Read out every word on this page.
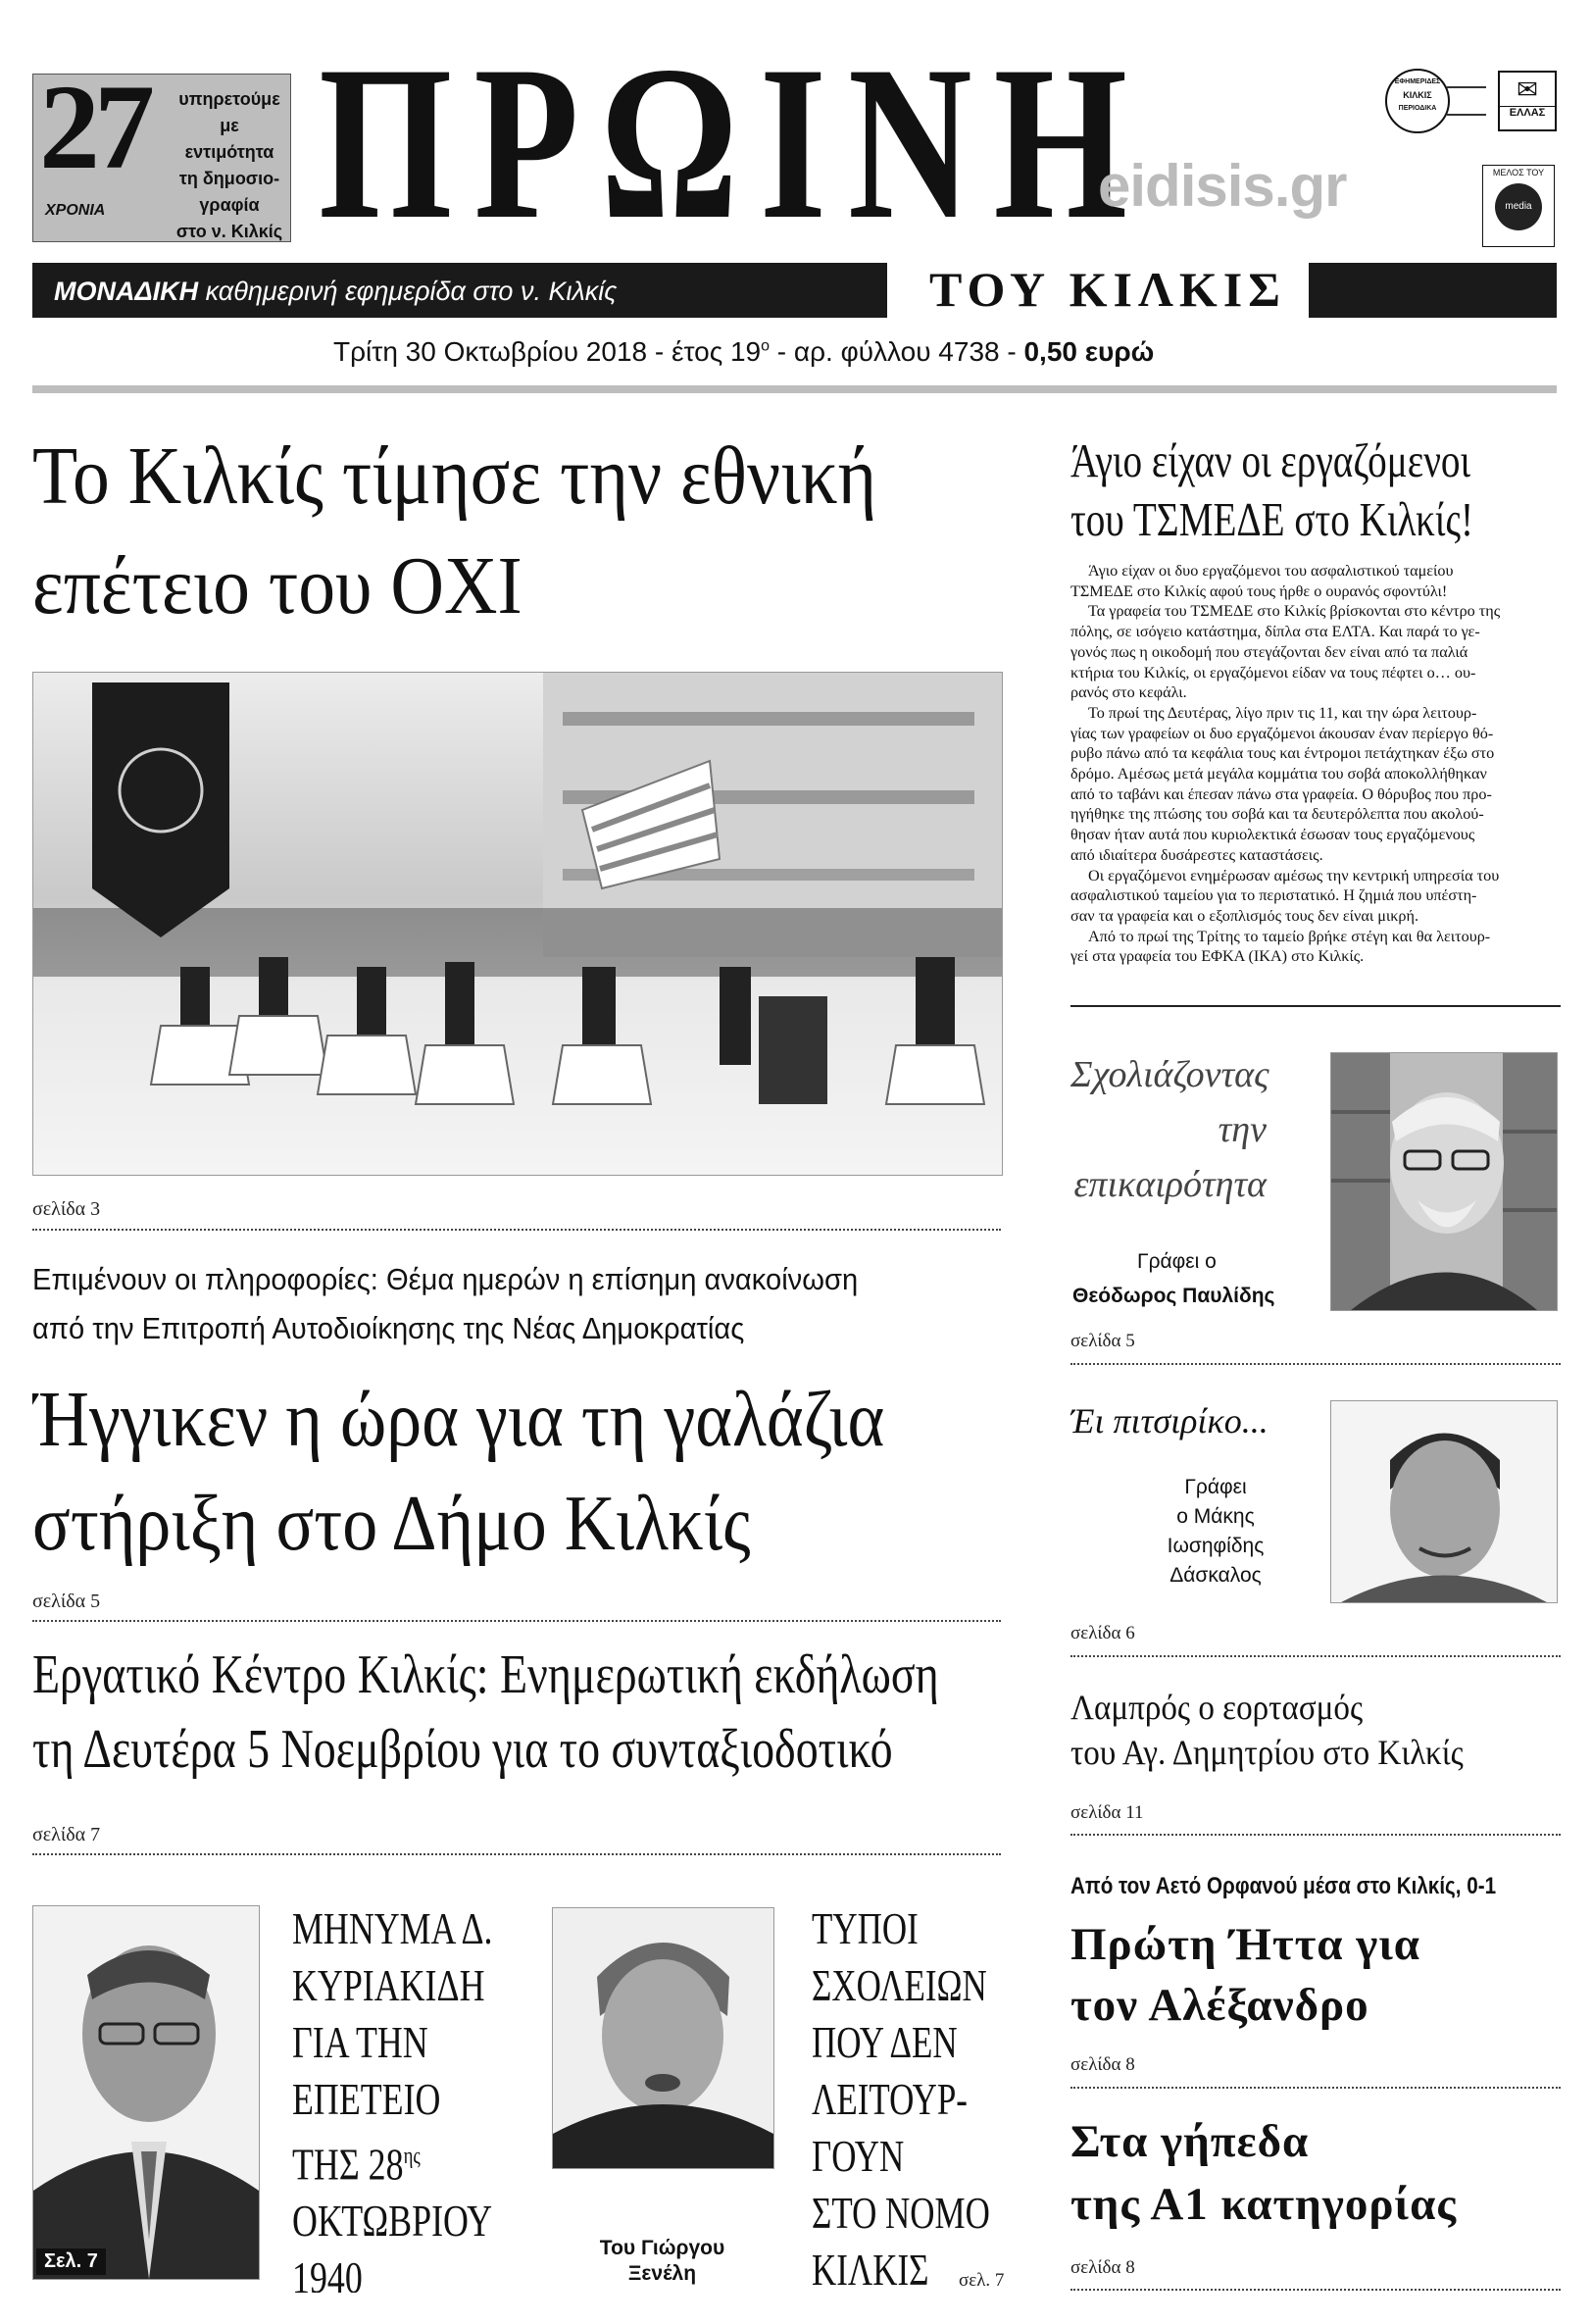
27
ΧΡΟΝΙΑ
υπηρετούμε
με εντιμότητα
τη δημοσιο-
γραφία
στο ν. Κιλκίς ΠΡΩΙΝΗ
eidisis.gr
ΕΦΗΜΕΡΙΔΕΣ
ΚΙΛΚΙΣ
ΠΕΡΙΟΔΙΚΑ
✉
ΕΛΛΑΣ
ΜΕΛΟΣ ΤΟΥ
media
ΜΟΝΑΔΙΚΗ καθημερινή εφημερίδα στο ν. Κιλκίς	ΤΟΥ ΚΙΛΚΙΣ
Τρίτη 30 Οκτωβρίου 2018 - έτος $19^o$ - αρ. φύλλου 4738 - 0,50 ευρώ
Το Κιλκίς τίμησε την εθνική
επέτειο του ΟΧΙ
σελίδα 3
Επιμένουν οι πληροφορίες: Θέμα ημερών η επίσημη ανακοίνωση
από την Επιτροπή Αυτοδιοίκησης της Νέας Δημοκρατίας
Ήγγικεν η ώρα για τη γαλάζια
στήριξη στο Δήμο Κιλκίς
σελίδα 5
Εργατικό Κέντρο Κιλκίς: Ενημερωτική εκδήλωση
τη Δευτέρα 5 Νοεμβρίου για το συνταξιοδοτικό
σελίδα 7
Σελ. 7
ΜΗΝΥΜΑ Δ.
ΚΥΡΙΑΚΙΔΗ
ΓΙΑ ΤΗΝ
ΕΠΕΤΕΙΟ
ΤΗΣ $28^{\eta\varsigma}$
ΟΚΤΩΒΡΙΟΥ
1940
Του Γιώργου
Ξενέλη
ΤΥΠΟΙ
ΣΧΟΛΕΙΩΝ
ΠΟΥ ΔΕΝ
ΛΕΙΤΟΥΡ-
ΓΟΥΝ
ΣΤΟ ΝΟΜΟ
ΚΙΛΚΙΣ	σελ. 7
Άγιο είχαν οι εργαζόμενοι
του ΤΣΜΕΔΕ στο Κιλκίς!
Άγιο είχαν οι δυο εργαζόμενοι του ασφαλιστικού ταμείου
ΤΣΜΕΔΕ στο Κιλκίς αφού τους ήρθε ο ουρανός σφοντύλι!
Τα γραφεία του ΤΣΜΕΔΕ στο Κιλκίς βρίσκονται στο κέντρο της
πόλης, σε ισόγειο κατάστημα, δίπλα στα ΕΛΤΑ. Και παρά το γε-
γονός πως η οικοδομή που στεγάζονται δεν είναι από τα παλιά
κτήρια του Κιλκίς, οι εργαζόμενοι είδαν να τους πέφτει ο… ου-
ρανός στο κεφάλι.
Το πρωί της Δευτέρας, λίγο πριν τις 11, και την ώρα λειτουρ-
γίας των γραφείων οι δυο εργαζόμενοι άκουσαν έναν περίεργο θό-
ρυβο πάνω από τα κεφάλια τους και έντρομοι πετάχτηκαν έξω στο
δρόμο. Αμέσως μετά μεγάλα κομμάτια του σοβά αποκολλήθηκαν
από το ταβάνι και έπεσαν πάνω στα γραφεία. Ο θόρυβος που προ-
ηγήθηκε της πτώσης του σοβά και τα δευτερόλεπτα που ακολού-
θησαν ήταν αυτά που κυριολεκτικά έσωσαν τους εργαζόμενους
από ιδιαίτερα δυσάρεστες καταστάσεις.
Οι εργαζόμενοι ενημέρωσαν αμέσως την κεντρική υπηρεσία του
ασφαλιστικού ταμείου για το περιστατικό. Η ζημιά που υπέστη-
σαν τα γραφεία και ο εξοπλισμός τους δεν είναι μικρή.
Από το πρωί της Τρίτης το ταμείο βρήκε στέγη και θα λειτουρ-
γεί στα γραφεία του ΕΦΚΑ (ΙΚΑ) στο Κιλκίς.
Σχολιάζοντας
την
επικαιρότητα
Γράφει ο
Θεόδωρος Παυλίδης
σελίδα 5
Έι πιτσιρίκο...
Γράφει
ο Μάκης
Ιωσηφίδης
Δάσκαλος
σελίδα 6
Λαμπρός ο εορτασμός
του Αγ. Δημητρίου στο Κιλκίς
σελίδα 11
Από τον Αετό Ορφανού μέσα στο Κιλκίς, 0-1
Πρώτη Ήττα για
τον Αλέξανδρο
σελίδα 8
Στα γήπεδα
της Α1 κατηγορίας
σελίδα 8
